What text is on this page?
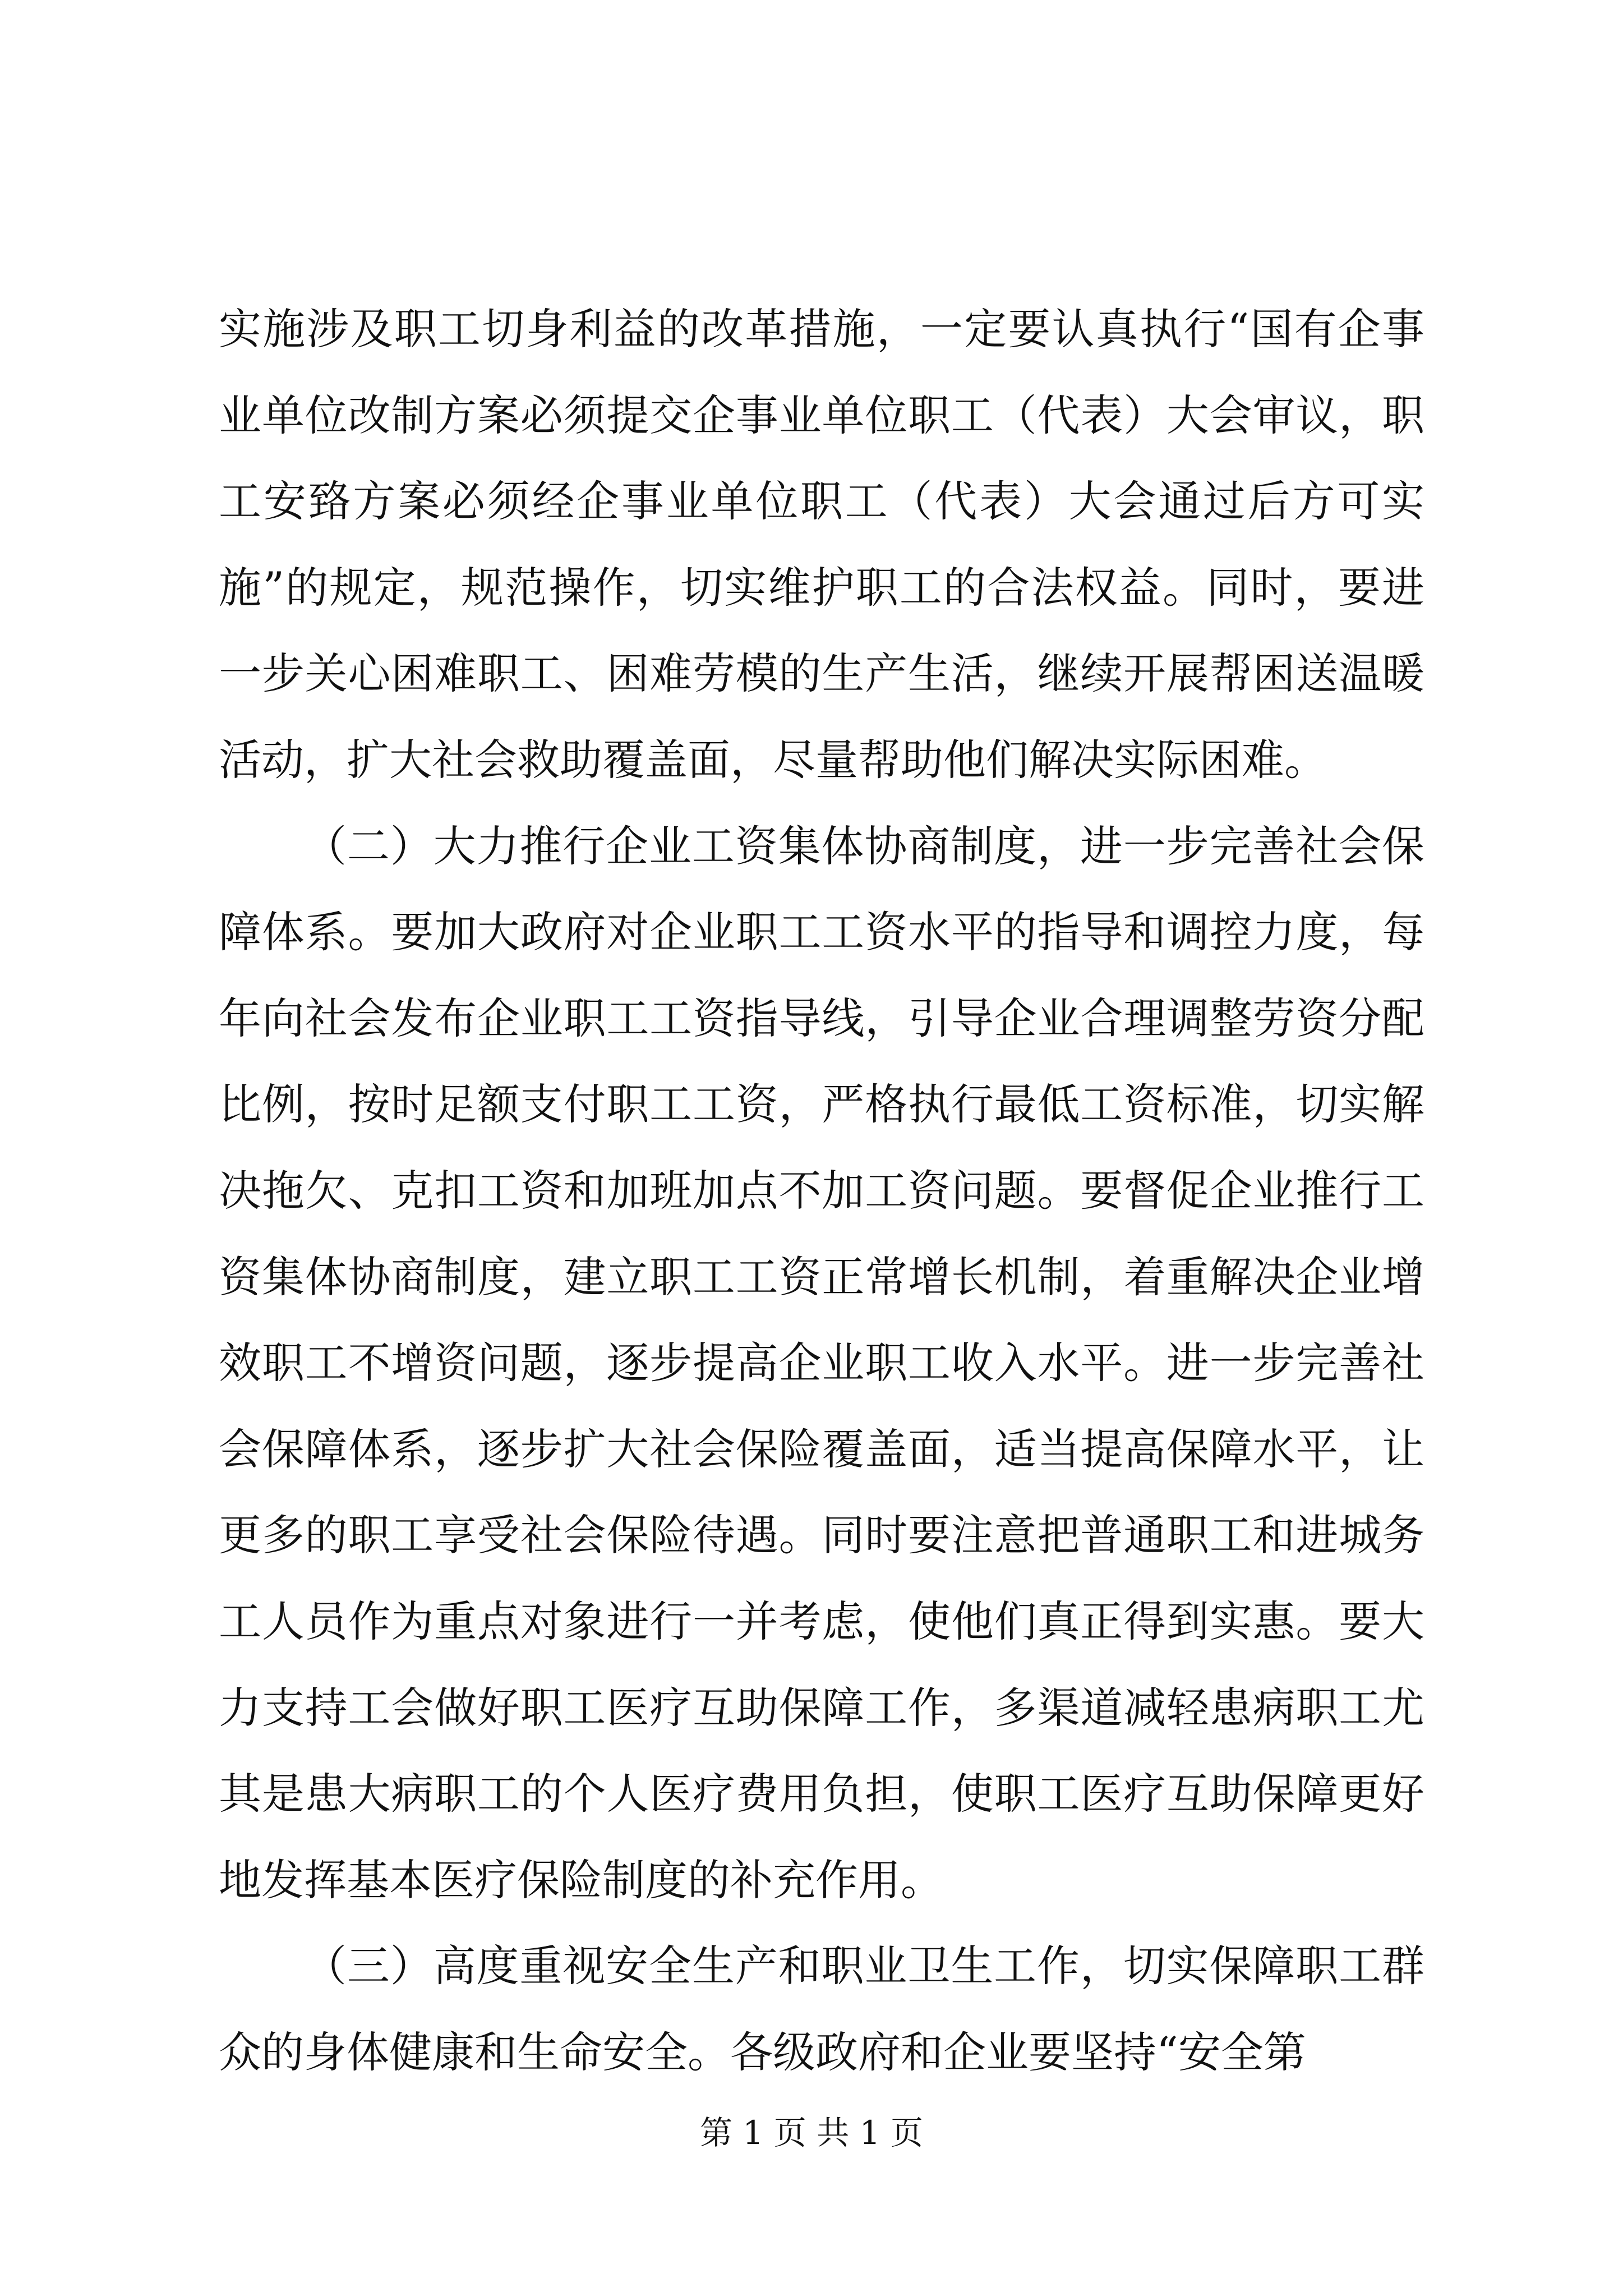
实施涉及职工切身利益的改革措施，一定要认真执行“国有企事业单位改制方案必须提交企事业单位职工（代表）大会审议，职工安臵方案必须经企事业单位职工（代表）大会通过后方可实施”的规定，规范操作，切实维护职工的合法权益。同时，要进一步关心困难职工、困难劳模的生产生活，继续开展帮困送温暖活动，扩大社会救助覆盖面，尽量帮助他们解决实际困难。

（二）大力推行企业工资集体协商制度，进一步完善社会保障体系。要加大政府对企业职工工资水平的指导和调控力度，每年向社会发布企业职工工资指导线，引导企业合理调整劳资分配比例，按时足额支付职工工资，严格执行最低工资标准，切实解决拖欠、克扣工资和加班加点不加工资问题。要督促企业推行工资集体协商制度，建立职工工资正常增长机制，着重解决企业增效职工不增资问题，逐步提高企业职工收入水平。进一步完善社会保障体系，逐步扩大社会保险覆盖面，适当提高保障水平，让更多的职工享受社会保险待遇。同时要注意把普通职工和进城务工人员作为重点对象进行一并考虑，使他们真正得到实惠。要大力支持工会做好职工医疗互助保障工作，多渠道减轻患病职工尤其是患大病职工的个人医疗费用负担，使职工医疗互助保障更好地发挥基本医疗保险制度的补充作用。

（三）高度重视安全生产和职业卫生工作，切实保障职工群众的身体健康和生命安全。各级政府和企业要坚持“安全第

第 1 页 共 1 页
